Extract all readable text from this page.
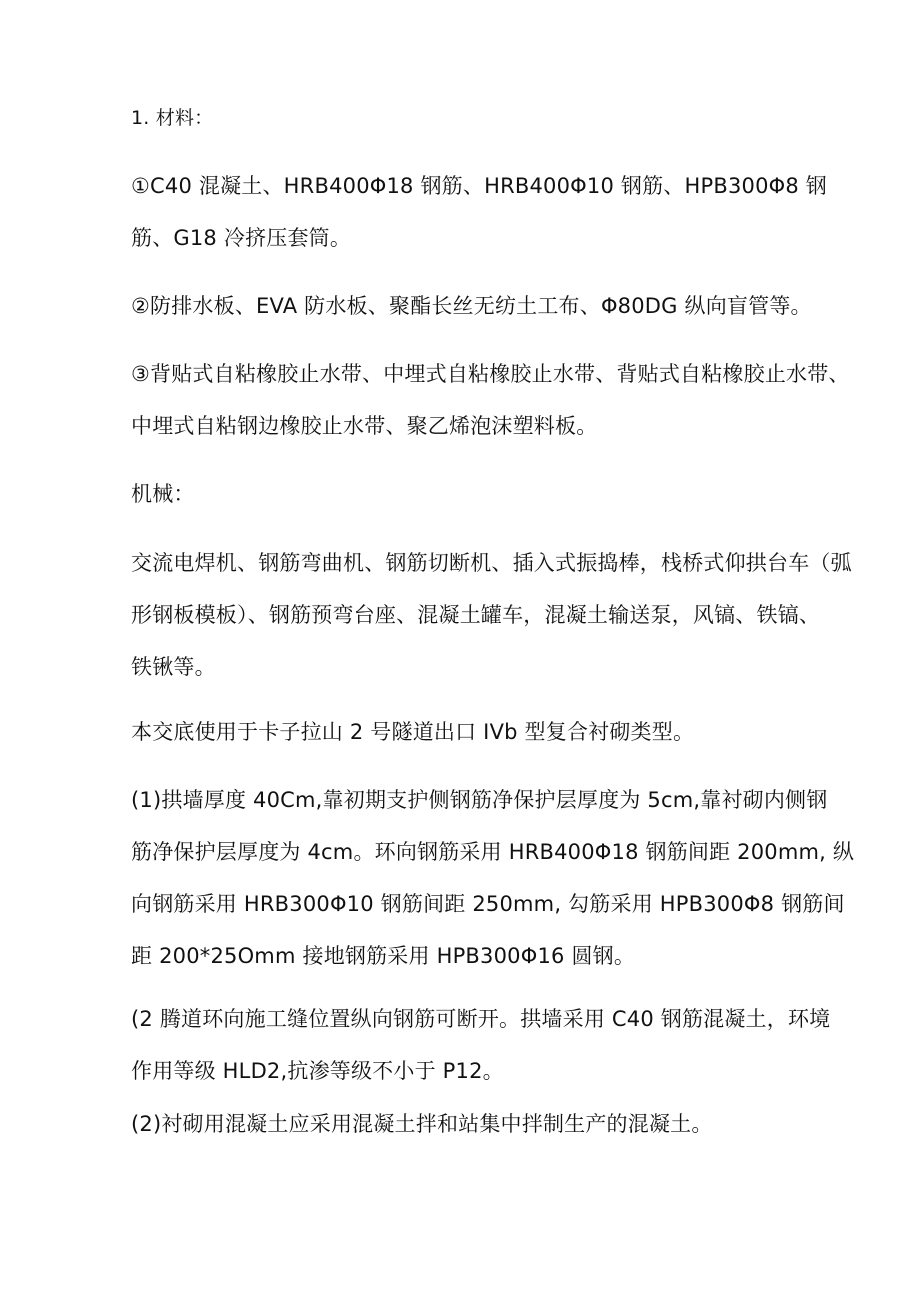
1. 材料：
①C40 混凝土、HRB400Φ18 钢筋、HRB400Φ10 钢筋、HPB300Φ8 钢
筋、G18 冷挤压套筒。
②防排水板、EVA 防水板、聚酯长丝无纺土工布、Φ80DG 纵向盲管等。
③背贴式自粘橡胶止水带、中埋式自粘橡胶止水带、背贴式自粘橡胶止水带、
中埋式自粘钢边橡胶止水带、聚乙烯泡沫塑料板。
机械：
交流电焊机、钢筋弯曲机、钢筋切断机、插入式振捣棒，栈桥式仰拱台车（弧
形钢板模板）、钢筋预弯台座、混凝土罐车，混凝土输送泵，风镐、铁镐、
铁锹等。
本交底使用于卡子拉山 2 号隧道出口 IVb 型复合衬砌类型。
(1)拱墙厚度 40Cm,靠初期支护侧钢筋净保护层厚度为 5cm,靠衬砌内侧钢
筋净保护层厚度为 4cm。环向钢筋采用 HRB400Φ18 钢筋间距 200mm, 纵
向钢筋采用 HRB300Φ10 钢筋间距 250mm, 勾筋采用 HPB300Φ8 钢筋间
距 200*25Omm 接地钢筋采用 HPB300Φ16 圆钢。
(2 腾道环向施工缝位置纵向钢筋可断开。拱墙采用 C40 钢筋混凝土，环境
作用等级 HLD2,抗渗等级不小于 P12。
(2)衬砌用混凝土应采用混凝土拌和站集中拌制生产的混凝土。
